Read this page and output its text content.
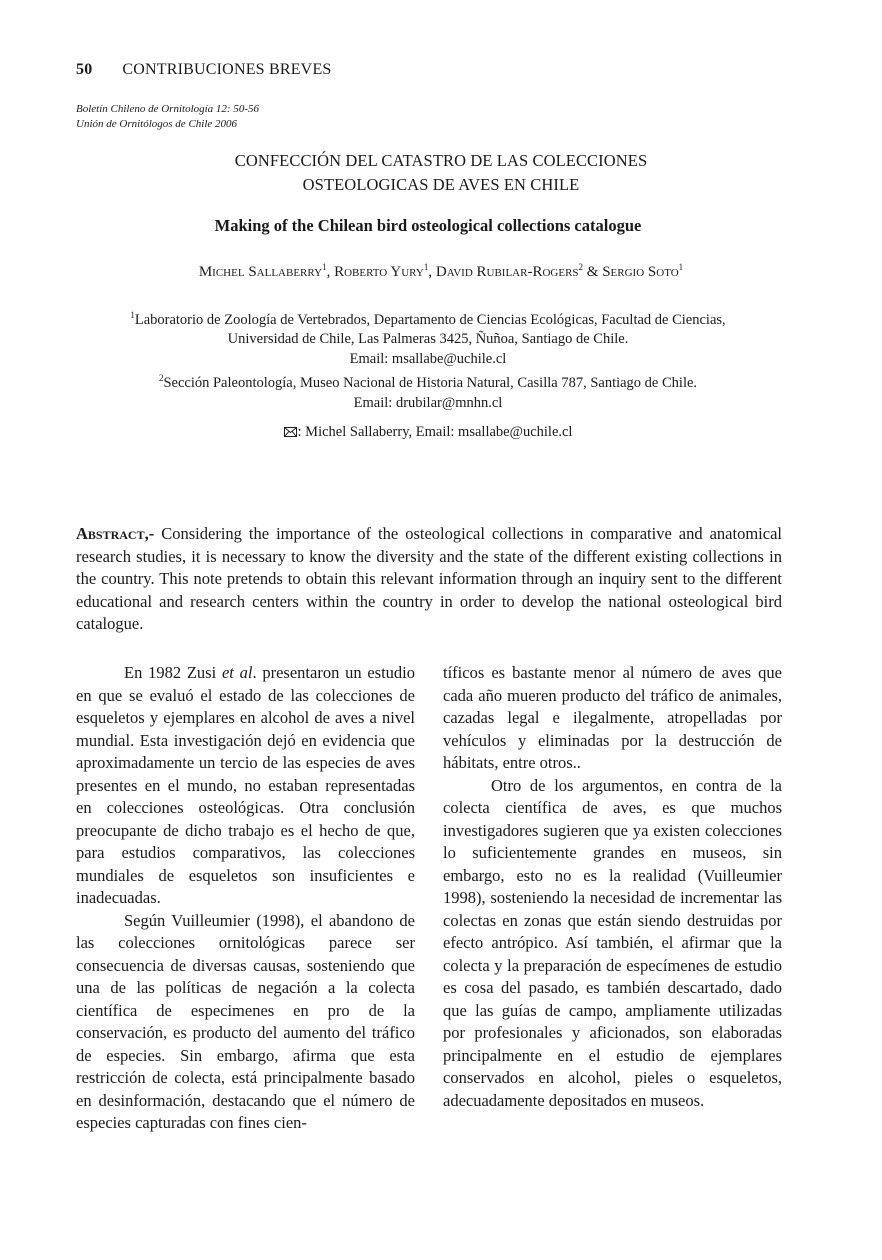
50 CONTRIBUCIONES BREVES
Boletín Chileno de Ornitología 12: 50-56
Unión de Ornitólogos de Chile 2006
CONFECCIÓN DEL CATASTRO DE LAS COLECCIONES
OSTEOLOGICAS DE AVES EN CHILE
Making of the Chilean bird osteological collections catalogue
Michel Sallaberry$^1$, Roberto Yury$^1$, David Rubilar-Rogers$^2$ & Sergio Soto$^1$
$^1$Laboratorio de Zoología de Vertebrados, Departamento de Ciencias Ecológicas, Facultad de Ciencias,
Universidad de Chile, Las Palmeras 3425, Ñuñoa, Santiago de Chile.
Email: msallabe@uchile.cl
$^2$Sección Paleontología, Museo Nacional de Historia Natural, Casilla 787, Santiago de Chile.
Email: drubilar@mnhn.cl
: Michel Sallaberry, Email: msallabe@uchile.cl
Abstract,- Considering the importance of the osteological collections in comparative and anatomical research studies, it is necessary to know the diversity and the state of the different existing collections in the country. This note pretends to obtain this relevant information through an inquiry sent to the different educational and research centers within the country in order to develop the national osteological bird catalogue.

En 1982 Zusi et al. presentaron un estudio en que se evaluó el estado de las colecciones de esqueletos y ejemplares en alcohol de aves a nivel mundial. Esta investigación dejó en evidencia que aproximadamente un tercio de las especies de aves presentes en el mundo, no estaban representadas en colecciones osteológicas. Otra conclusión preocupante de dicho trabajo es el hecho de que, para estudios comparativos, las colecciones mundiales de esqueletos son insuficientes e inadecuadas.

Según Vuilleumier (1998), el abandono de las colecciones ornitológicas parece ser consecuencia de diversas causas, sosteniendo que una de las políticas de negación a la colecta científica de especimenes en pro de la conservación, es producto del aumento del tráfico de especies. Sin embargo, afirma que esta restricción de colecta, está principalmente basado en desinformación, destacando que el número de especies capturadas con fines cien-

tíficos es bastante menor al número de aves que cada año mueren producto del tráfico de animales, cazadas legal e ilegalmente, atropelladas por vehículos y eliminadas por la destrucción de hábitats, entre otros..

Otro de los argumentos, en contra de la colecta científica de aves, es que muchos investigadores sugieren que ya existen colecciones lo suficientemente grandes en museos, sin embargo, esto no es la realidad (Vuilleumier 1998), sosteniendo la necesidad de incrementar las colectas en zonas que están siendo destruidas por efecto antrópico. Así también, el afirmar que la colecta y la preparación de especímenes de estudio es cosa del pasado, es también descartado, dado que las guías de campo, ampliamente utilizadas por profesionales y aficionados, son elaboradas principalmente en el estudio de ejemplares conservados en alcohol, pieles o esqueletos, adecuadamente depositados en museos.
